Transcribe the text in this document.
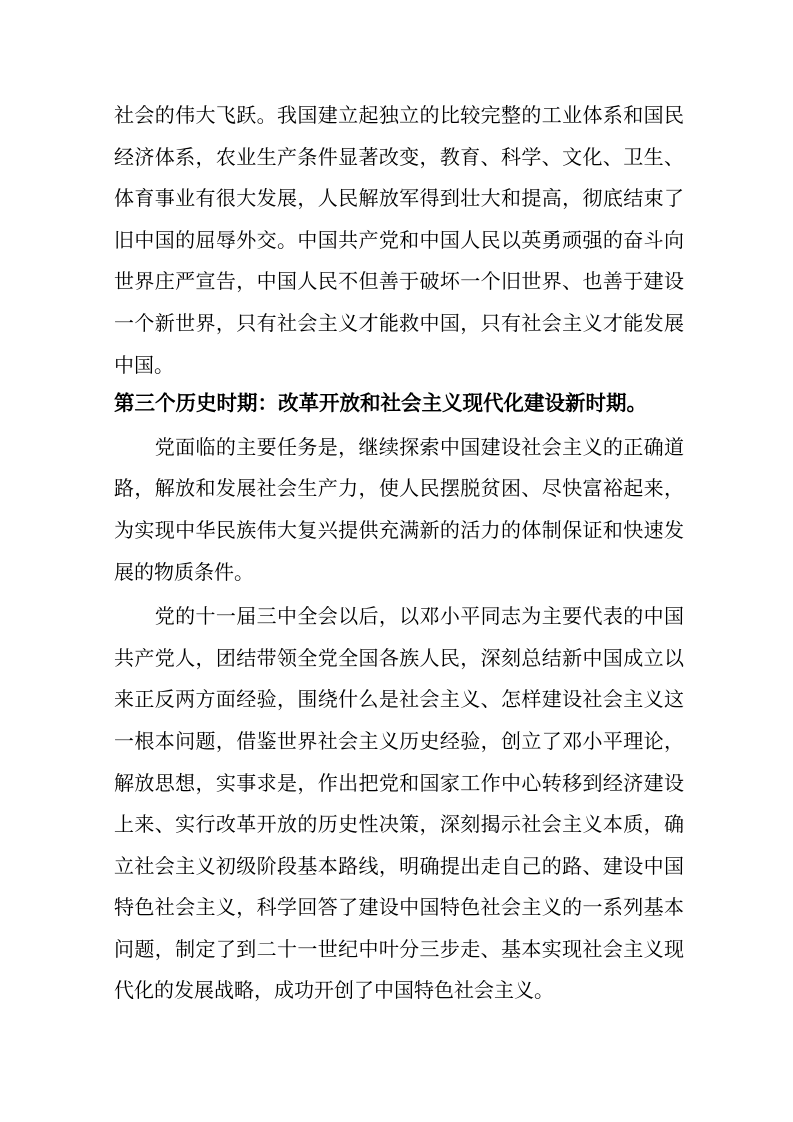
社会的伟大飞跃。我国建立起独立的比较完整的工业体系和国民
经济体系，农业生产条件显著改变，教育、科学、文化、卫生、
体育事业有很大发展，人民解放军得到壮大和提高，彻底结束了
旧中国的屈辱外交。中国共产党和中国人民以英勇顽强的奋斗向
世界庄严宣告，中国人民不但善于破坏一个旧世界、也善于建设
一个新世界，只有社会主义才能救中国，只有社会主义才能发展
中国。
第三个历史时期：改革开放和社会主义现代化建设新时期。
　　党面临的主要任务是，继续探索中国建设社会主义的正确道
路，解放和发展社会生产力，使人民摆脱贫困、尽快富裕起来，
为实现中华民族伟大复兴提供充满新的活力的体制保证和快速发
展的物质条件。
　　党的十一届三中全会以后，以邓小平同志为主要代表的中国
共产党人，团结带领全党全国各族人民，深刻总结新中国成立以
来正反两方面经验，围绕什么是社会主义、怎样建设社会主义这
一根本问题，借鉴世界社会主义历史经验，创立了邓小平理论，
解放思想，实事求是，作出把党和国家工作中心转移到经济建设
上来、实行改革开放的历史性决策，深刻揭示社会主义本质，确
立社会主义初级阶段基本路线，明确提出走自己的路、建设中国
特色社会主义，科学回答了建设中国特色社会主义的一系列基本
问题，制定了到二十一世纪中叶分三步走、基本实现社会主义现
代化的发展战略，成功开创了中国特色社会主义。
